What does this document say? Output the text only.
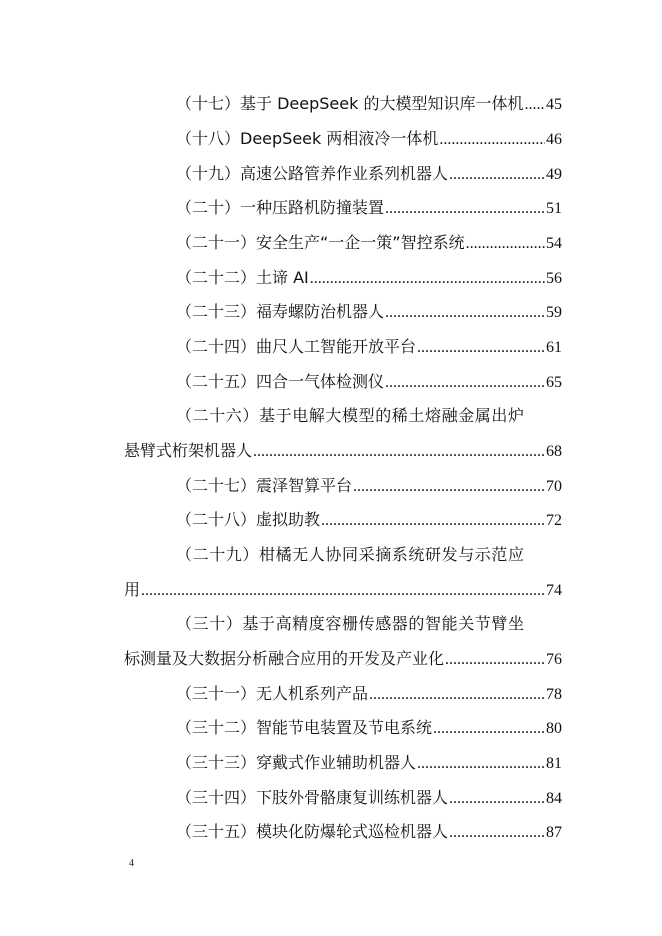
（十七）基于 DeepSeek 的大模型知识库一体机 ..... 45
（十八）DeepSeek 两相液冷一体机 .....	46
（十九）高速公路管养作业系列机器人 .....	49
（二十）一种压路机防撞装置 .....	51
（二十一）安全生产“一企一策”智控系统 .....	54
（二十二）土谛 AI .....	56
（二十三）福寿螺防治机器人 .....	59
（二十四）曲尺人工智能开放平台 .....	61
（二十五）四合一气体检测仪 .....	65
（二十六）基于电解大模型的稀土熔融金属出炉
悬臂式桁架机器人 .....	68
（二十七）震泽智算平台 .....	70
（二十八）虚拟助教 .....	72
（二十九）柑橘无人协同采摘系统研发与示范应
用 .....	74
（三十）基于高精度容栅传感器的智能关节臂坐
标测量及大数据分析融合应用的开发及产业化 .....	76
（三十一）无人机系列产品 .....	78
（三十二）智能节电装置及节电系统 .....	80
（三十三）穿戴式作业辅助机器人 .....	81
（三十四）下肢外骨骼康复训练机器人 .....	84
（三十五）模块化防爆轮式巡检机器人 .....	87
4
